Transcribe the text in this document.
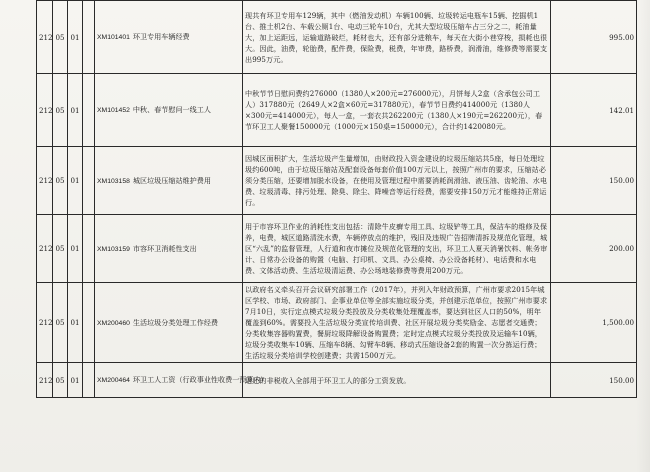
212	05	01		XM101401 环卫专用车辆经费	现共有环卫专用车129辆，其中（燃油发动机）车辆100辆、垃圾转运电瓶车15辆、挖掘机1台、推土机2台、车载公厕1台、电动三轮车10台，尤其大型垃圾压缩车占三分之二，耗油量大，加上运距远，运输道路破烂，耗材也大，还有部分进粮车，每天在大街小巷穿梭，损耗也很大。因此，油费，轮胎费，配件费，保险费，税费，年审费，路桥费，润滑油，维修费等需要支出995万元。	995.00
212	05	01		XM101452 中秋、春节慰问一线工人	中秋节节日慰问费约276000（1380人×200元=276000元），月饼每人2盒（含承包公司工人）317880元（2649人×2盒×60元=317880元），春节节日费约414000元（1380人×300元=414000元），每人一盒，一套衣共262200元（1380人×190元=262200元），春节环卫工人聚餐150000元（1000元×150桌=150000元），合计约1420080元。	142.01
212	05	01		XM103158 城区垃圾压缩站维护费用	因城区面积扩大，生活垃圾产生量增加，由财政投入资金建设的垃圾压缩站共5座，每日处理垃圾约600吨，由于垃圾压缩站及配套设备每套价值100万元以上，按照广州市的要求，压缩站必须分类压缩，还要增加脱水设备，在使用及管理过程中需要消耗润滑油、液压油、齿轮油、水电费、垃圾清毒、排污处理、除臭、除尘、降噪音等运行经费，需要安排150万元才能维持正常运行。	150.00
212	05	01		XM103159 市容环卫消耗性支出	用于市容环卫作业的消耗性支出包括：清除牛皮癣专用工具、垃圾铲等工具，保洁车的维修及保养，电费，城区道路清洗水费，车辆停放点的维护，残旧及违规广告招牌清拆及规范化管理，城区“六乱”的监督管理，人行道和夜市摊位及规范化管理的支出，环卫工人夏天消暑饮料、帐务审计、日常办公设备的购置（电脑、打印机、文具、办公桌椅、办公设备耗材）、电话费和水电费、文体活动费、生活垃圾清运费、办公场地装修费等费用200万元。	200.00
212	05	01		XM200460 生活垃圾分类处理工作经费	以政府名义牵头召开会议研究部署工作（2017年），并列入年财政预算，广州市要求2015年城区学校、市场、政府部门、企事业单位等全部实施垃圾分类，并创建示范单位，按照广州市要求7月10日，实行定点模式垃圾分类投放及分类收集处理覆盖率，要达到社区人口的50%，明年覆盖到60%。需要投入生活垃圾分类宣传培训费、社区开展垃圾分类奖励金、志愿者交通费；分类收集容器购置费，餐厨垃圾降解设备购置费；定时定点模式垃圾分类投放及运输车10辆，垃圾分类收集车10辆、压缩车8辆、勾臂车8辆、移动式压缩设备2套的购置一次分拣运行费；生活垃圾分类培训学校创建费；共需1500万元。	1,500.00
212	05	01		XM200464 环卫工人工资（行政事业性收费一预算内）	返还的非税收入全部用于环卫工人的部分工资发放。	150.00
